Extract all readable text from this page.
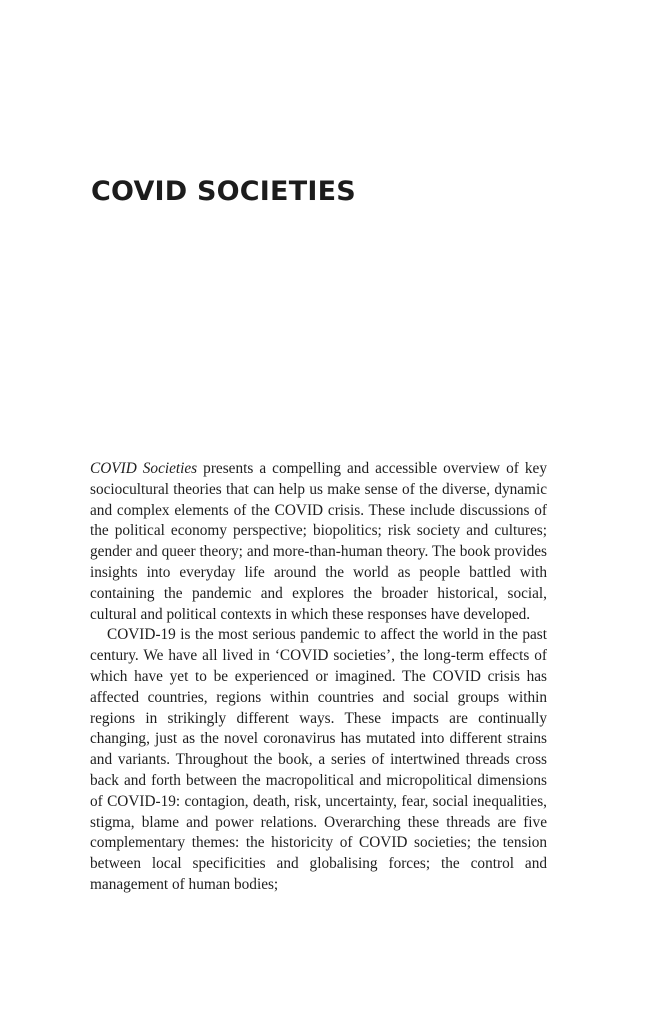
COVID SOCIETIES

COVID Societies presents a compelling and accessible overview of key sociocultural theories that can help us make sense of the diverse, dynamic and complex elements of the COVID crisis. These include discussions of the political economy perspective; biopolitics; risk society and cultures; gender and queer theory; and more-than-human theory. The book provides insights into everyday life around the world as people battled with containing the pandemic and explores the broader historical, social, cultural and political contexts in which these responses have developed.

COVID-19 is the most serious pandemic to affect the world in the past century. We have all lived in ‘COVID societies’, the long-term effects of which have yet to be experienced or imagined. The COVID crisis has affected countries, regions within countries and social groups within regions in strikingly different ways. These impacts are continually changing, just as the novel coronavirus has mutated into different strains and variants. Throughout the book, a series of intertwined threads cross back and forth between the macropolitical and micropolitical dimensions of COVID-19: contagion, death, risk, uncertainty, fear, social inequalities, stigma, blame and power relations. Overarching these threads are five complementary themes: the historicity of COVID societies; the tension between local specificities and globalising forces; the control and management of human bodies;
